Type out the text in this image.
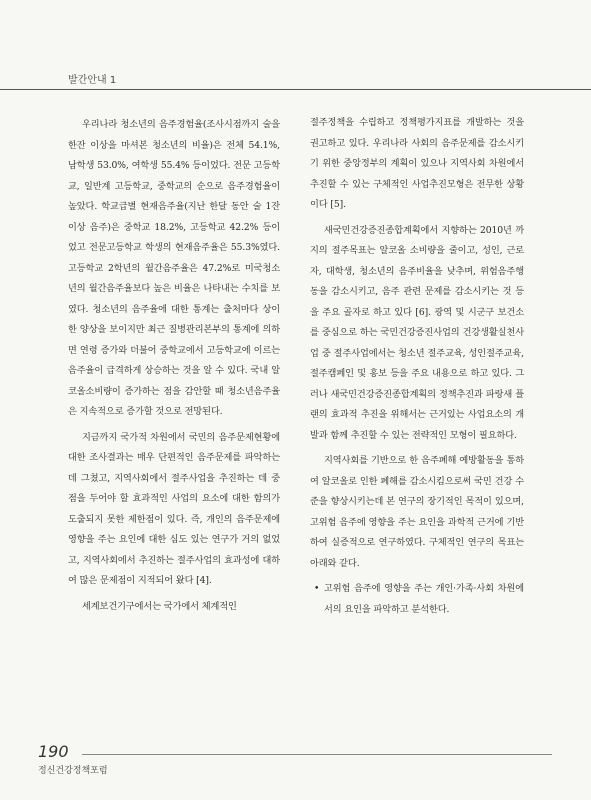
발간안내 1

우리나라 청소년의 음주경험율(조사시점까지 술을 한잔 이상을 마셔본 청소년의 비율)은 전체 54.1%, 남학생 53.0%, 여학생 55.4% 등이었다. 전문 고등학교, 일반계 고등학교, 중학교의 순으로 음주경험율이 높았다. 학교급별 현재음주율(지난 한달 동안 술 1잔 이상 음주)은 중학교 18.2%, 고등학교 42.2% 등이었고 전문고등학교 학생의 현재음주율은 55.3%였다. 고등학교 2학년의 월간음주율은 47.2%로 미국청소년의 월간음주율보다 높은 비율은 나타내는 수치를 보였다. 청소년의 음주율에 대한 통계는 출처마다 상이한 양상을 보이지만 최근 질병관리본부의 통계에 의하면 연령 증가와 더불어 중학교에서 고등학교에 이르는 음주율이 급격하게 상승하는 것을 알 수 있다. 국내 알코올소비량이 증가하는 점을 감안할 때 청소년음주율은 지속적으로 증가할 것으로 전망된다.

지금까지 국가적 차원에서 국민의 음주문제현황에 대한 조사결과는 매우 단편적인 음주문제를 파악하는 데 그쳤고, 지역사회에서 절주사업을 추진하는 데 중점을 두어야 할 효과적인 사업의 요소에 대한 함의가 도출되지 못한 제한점이 있다. 즉, 개인의 음주문제에 영향을 주는 요인에 대한 심도 있는 연구가 거의 없었고, 지역사회에서 추진하는 절주사업의 효과성에 대하여 많은 문제점이 지적되어 왔다 [4].

세계보건기구에서는 국가에서 체계적인

절주정책을 수립하고 정책평가지표를 개발하는 것을 권고하고 있다. 우리나라 사회의 음주문제를 감소시키기 위한 중앙정부의 계획이 있으나 지역사회 차원에서 추진할 수 있는 구체적인 사업추진모형은 전무한 상황이다 [5].

새국민건강증진종합계획에서 지향하는 2010년 까지의 절주목표는 알코올 소비량을 줄이고, 성인, 근로자, 대학생, 청소년의 음주비율을 낮추며, 위험음주행동을 감소시키고, 음주 관련 문제를 감소시키는 것 등을 주요 골자로 하고 있다 [6]. 광역 및 시군구 보건소를 중심으로 하는 국민건강증진사업의 건강생활실천사업 중 절주사업에서는 청소년 절주교육, 성인절주교육, 절주캠페인 및 홍보 등을 주요 내용으로 하고 있다. 그러나 새국민건강증진종합계획의 정책추진과 파랑새 플랜의 효과적 추진을 위해서는 근거있는 사업요소의 개발과 함께 추진할 수 있는 전략적인 모형이 필요하다.

지역사회를 기반으로 한 음주폐해 예방활동을 통하여 알코올로 인한 폐해를 감소시킴으로써 국민 건강 수준을 향상시키는데 본 연구의 장기적인 목적이 있으며, 고위험 음주에 영향을 주는 요인을 과학적 근거에 기반하여 실증적으로 연구하였다. 구체적인 연구의 목표는 아래와 같다.

• 고위험 음주에 영향을 주는 개인·가족·사회 차원에서의 요인을 파악하고 분석한다.
190
정신건강정책포럼
